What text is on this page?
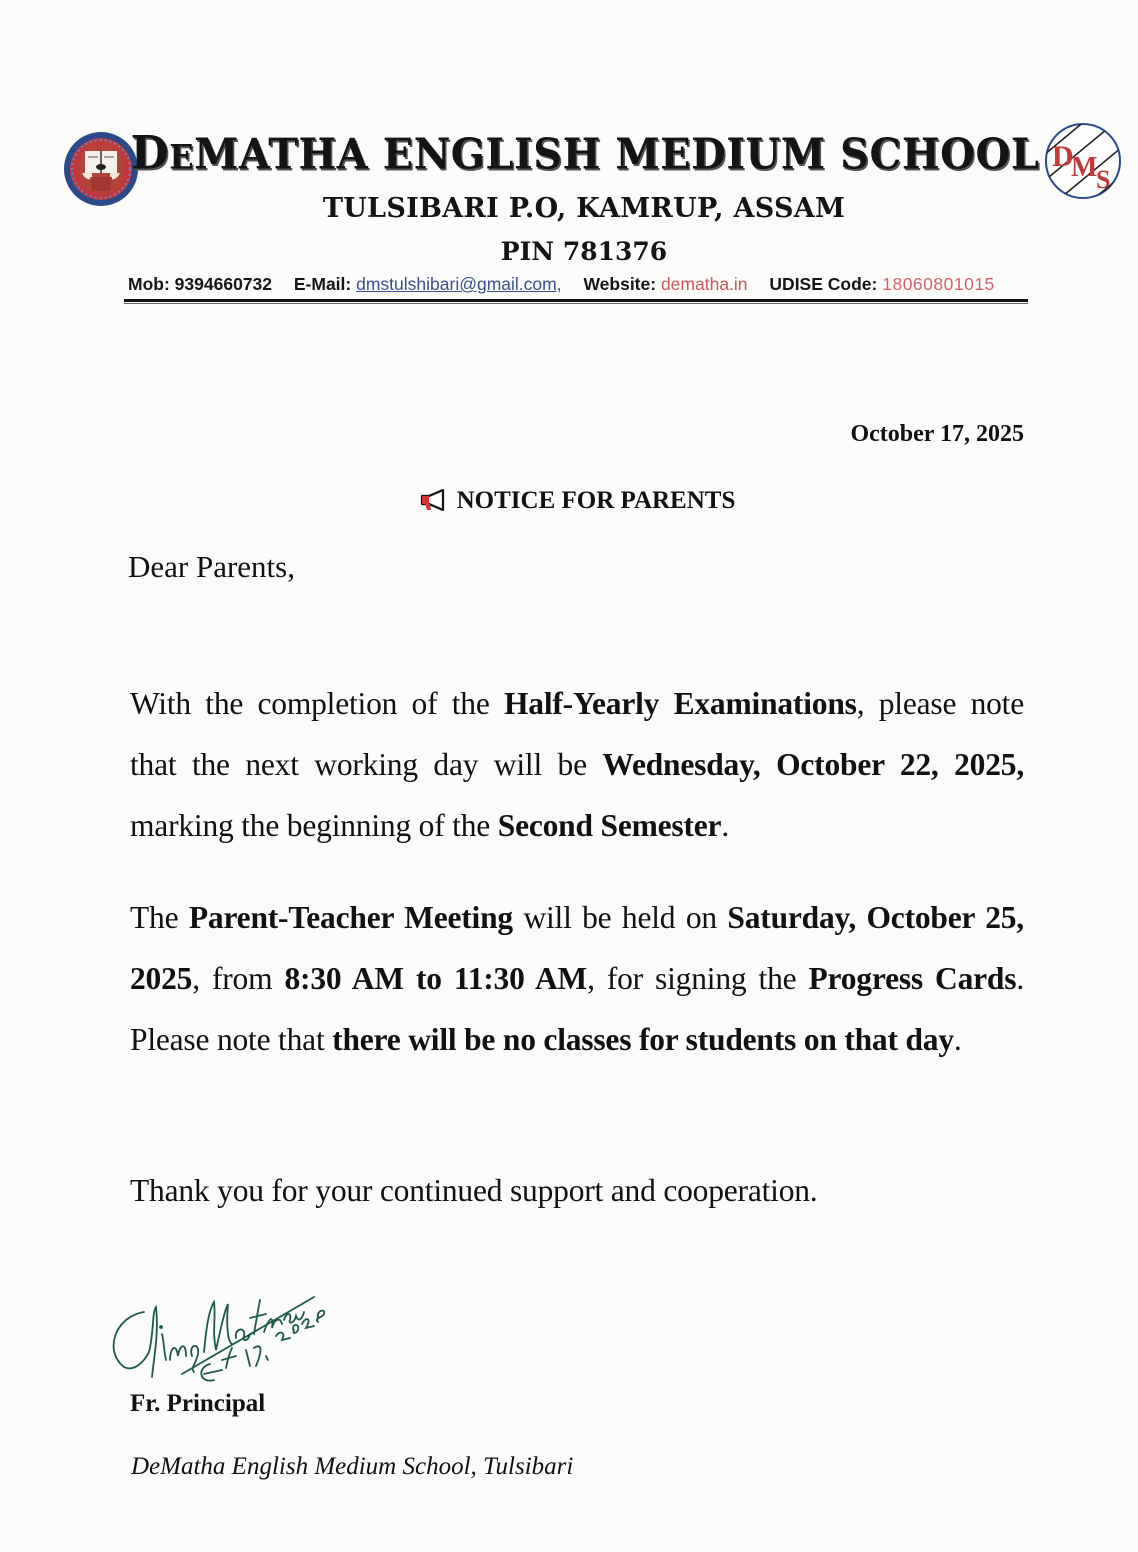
D
M
S
DEMATHA ENGLISH MEDIUM SCHOOL
TULSIBARI P.O, KAMRUP, ASSAM
PIN 781376
Mob: 9394660732 E-Mail: dmstulshibari@gmail.com, Website: dematha.in UDISE Code: 18060801015
October 17, 2025
NOTICE FOR PARENTS
Dear Parents,
With the completion of the Half-Yearly Examinations, please note that the next working day will be Wednesday, October 22, 2025, marking the beginning of the Second Semester.
The Parent-Teacher Meeting will be held on Saturday, October 25, 2025, from 8:30 AM to 11:30 AM, for signing the Progress Cards. Please note that there will be no classes for students on that day.
Thank you for your continued support and cooperation.
Fr. Principal
DeMatha English Medium School, Tulsibari
